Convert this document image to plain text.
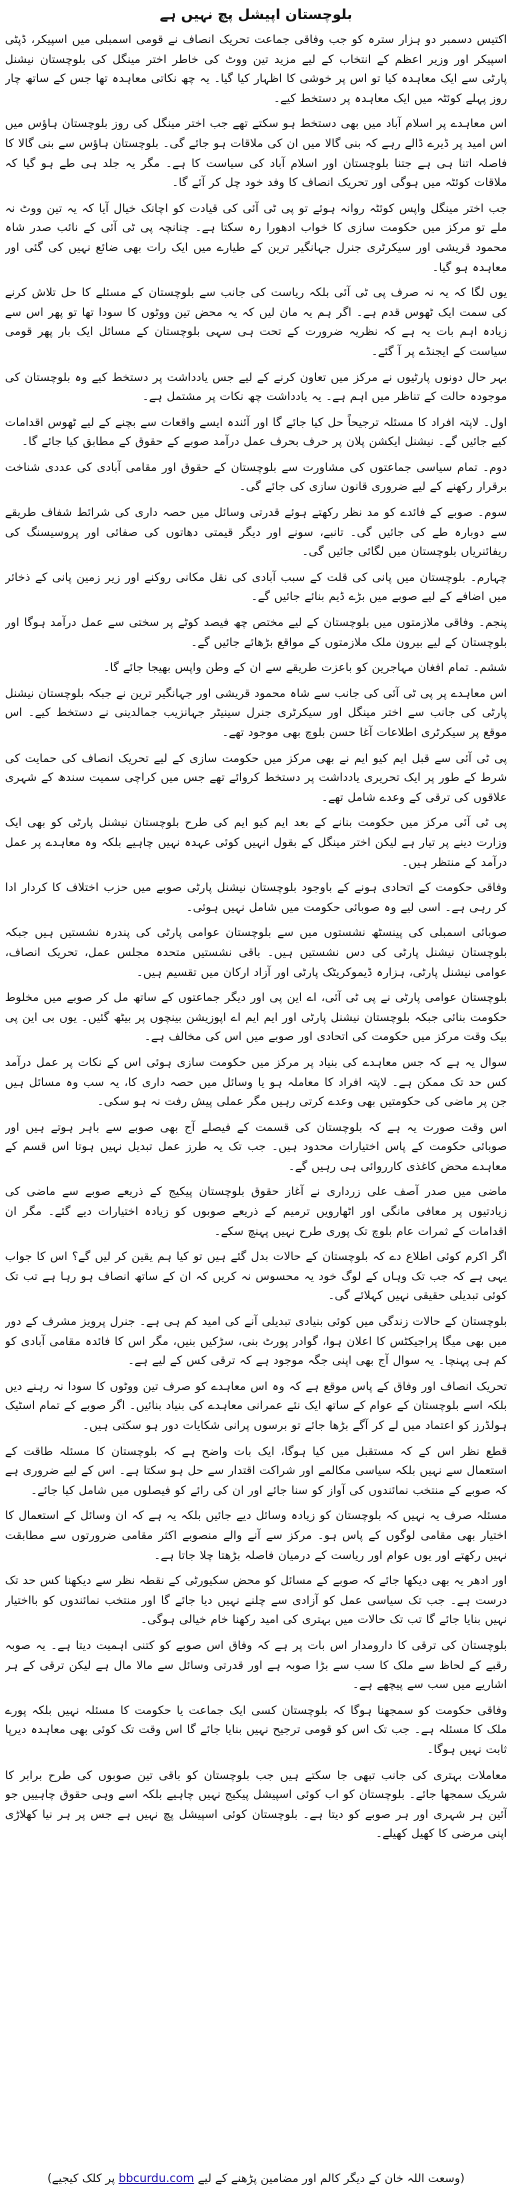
بلوچستان اپیشل پچ نہیں ہے
اکتیس دسمبر دو ہزار سترہ کو جب وفاقی جماعت تحریک انصاف نے قومی اسمبلی میں اسپیکر، ڈپٹی اسپیکر اور وزیر اعظم کے انتخاب کے لیے مزید تین ووٹ کی خاطر اختر مینگل کی بلوچستان نیشنل پارٹی سے ایک معاہدہ کیا تو اس پر خوشی کا اظہار کیا گیا۔ یہ چھ نکاتی معاہدہ تھا جس کے ساتھ چار روز پہلے کوئٹہ میں ایک معاہدہ پر دستخط کیے۔
اس معاہدے پر اسلام آباد میں بھی دستخط ہو سکتے تھے جب اختر مینگل کی روز بلوچستان ہاؤس میں اس امید پر ڈیرے ڈالے رہے کہ بنی گالا میں ان کی ملاقات ہو جائے گی۔ بلوچستان ہاؤس سے بنی گالا کا فاصلہ اتنا ہی ہے جتنا بلوچستان اور اسلام آباد کی سیاست کا ہے۔ مگر یہ جلد ہی طے ہو گیا کہ ملاقات کوئٹہ میں ہوگی اور تحریک انصاف کا وفد خود چل کر آئے گا۔
جب اختر مینگل واپس کوئٹہ روانہ ہوئے تو پی ٹی آئی کی قیادت کو اچانک خیال آیا کہ یہ تین ووٹ نہ ملے تو مرکز میں حکومت سازی کا خواب ادھورا رہ سکتا ہے۔ چنانچہ پی ٹی آئی کے نائب صدر شاہ محمود قریشی اور سیکرٹری جنرل جہانگیر ترین کے طیارے میں ایک رات بھی ضائع نہیں کی گئی اور معاہدہ ہو گیا۔
یوں لگا کہ یہ نہ صرف پی ٹی آئی بلکہ ریاست کی جانب سے بلوچستان کے مسئلے کا حل تلاش کرنے کی سمت ایک ٹھوس قدم ہے۔ اگر ہم یہ مان لیں کہ یہ محض تین ووٹوں کا سودا تھا تو پھر اس سے زیادہ اہم بات یہ ہے کہ نظریہ ضرورت کے تحت ہی سہی بلوچستان کے مسائل ایک بار پھر قومی سیاست کے ایجنڈے پر آ گئے۔
بہر حال دونوں پارٹیوں نے مرکز میں تعاون کرنے کے لیے جس یادداشت پر دستخط کیے وہ بلوچستان کی موجودہ حالت کے تناظر میں اہم ہے۔ یہ یادداشت چھ نکات پر مشتمل ہے۔
اول۔ لاپتہ افراد کا مسئلہ ترجیحاً حل کیا جائے گا اور آئندہ ایسے واقعات سے بچنے کے لیے ٹھوس اقدامات کیے جائیں گے۔ نیشنل ایکشن پلان پر حرف بحرف عمل درآمد صوبے کے حقوق کے مطابق کیا جائے گا۔
دوم۔ تمام سیاسی جماعتوں کی مشاورت سے بلوچستان کے حقوق اور مقامی آبادی کی عددی شناخت برقرار رکھنے کے لیے ضروری قانون سازی کی جائے گی۔
سوم۔ صوبے کے فائدے کو مد نظر رکھتے ہوئے قدرتی وسائل میں حصہ داری کی شرائط شفاف طریقے سے دوبارہ طے کی جائیں گی۔ تانبے، سونے اور دیگر قیمتی دھاتوں کی صفائی اور پروسیسنگ کی ریفائنریاں بلوچستان میں لگائی جائیں گی۔
چہارم۔ بلوچستان میں پانی کی قلت کے سبب آبادی کی نقل مکانی روکنے اور زیر زمین پانی کے ذخائر میں اضافے کے لیے صوبے میں بڑے ڈیم بنائے جائیں گے۔
پنجم۔ وفاقی ملازمتوں میں بلوچستان کے لیے مختص چھ فیصد کوٹے پر سختی سے عمل درآمد ہوگا اور بلوچستان کے لیے بیرون ملک ملازمتوں کے مواقع بڑھائے جائیں گے۔
ششم۔ تمام افغان مہاجرین کو باعزت طریقے سے ان کے وطن واپس بھیجا جائے گا۔
اس معاہدے پر پی ٹی آئی کی جانب سے شاہ محمود قریشی اور جہانگیر ترین نے جبکہ بلوچستان نیشنل پارٹی کی جانب سے اختر مینگل اور سیکرٹری جنرل سینیٹر جہانزیب جمالدینی نے دستخط کیے۔ اس موقع پر سیکرٹری اطلاعات آغا حسن بلوچ بھی موجود تھے۔
پی ٹی آئی سے قبل ایم کیو ایم نے بھی مرکز میں حکومت سازی کے لیے تحریک انصاف کی حمایت کی شرط کے طور پر ایک تحریری یادداشت پر دستخط کروائے تھے جس میں کراچی سمیت سندھ کے شہری علاقوں کی ترقی کے وعدے شامل تھے۔
پی ٹی آئی مرکز میں حکومت بنانے کے بعد ایم کیو ایم کی طرح بلوچستان نیشنل پارٹی کو بھی ایک وزارت دینے پر تیار ہے لیکن اختر مینگل کے بقول انہیں کوئی عہدہ نہیں چاہیے بلکہ وہ معاہدے پر عمل درآمد کے منتظر ہیں۔
وفاقی حکومت کے اتحادی ہونے کے باوجود بلوچستان نیشنل پارٹی صوبے میں حزب اختلاف کا کردار ادا کر رہی ہے۔ اسی لیے وہ صوبائی حکومت میں شامل نہیں ہوئی۔
صوبائی اسمبلی کی پینسٹھ نشستوں میں سے بلوچستان عوامی پارٹی کی پندرہ نشستیں ہیں جبکہ بلوچستان نیشنل پارٹی کی دس نشستیں ہیں۔ باقی نشستیں متحدہ مجلس عمل، تحریک انصاف، عوامی نیشنل پارٹی، ہزارہ ڈیموکریٹک پارٹی اور آزاد ارکان میں تقسیم ہیں۔
بلوچستان عوامی پارٹی نے پی ٹی آئی، اے این پی اور دیگر جماعتوں کے ساتھ مل کر صوبے میں مخلوط حکومت بنائی جبکہ بلوچستان نیشنل پارٹی اور ایم ایم اے اپوزیشن بینچوں پر بیٹھ گئیں۔ یوں بی این پی بیک وقت مرکز میں حکومت کی اتحادی اور صوبے میں اس کی مخالف ہے۔
سوال یہ ہے کہ جس معاہدے کی بنیاد پر مرکز میں حکومت سازی ہوئی اس کے نکات پر عمل درآمد کس حد تک ممکن ہے۔ لاپتہ افراد کا معاملہ ہو یا وسائل میں حصہ داری کا، یہ سب وہ مسائل ہیں جن پر ماضی کی حکومتیں بھی وعدے کرتی رہیں مگر عملی پیش رفت نہ ہو سکی۔
اس وقت صورت یہ ہے کہ بلوچستان کی قسمت کے فیصلے آج بھی صوبے سے باہر ہوتے ہیں اور صوبائی حکومت کے پاس اختیارات محدود ہیں۔ جب تک یہ طرز عمل تبدیل نہیں ہوتا اس قسم کے معاہدے محض کاغذی کارروائی ہی رہیں گے۔
ماضی میں صدر آصف علی زرداری نے آغاز حقوق بلوچستان پیکیج کے ذریعے صوبے سے ماضی کی زیادتیوں پر معافی مانگی اور اٹھارویں ترمیم کے ذریعے صوبوں کو زیادہ اختیارات دیے گئے۔ مگر ان اقدامات کے ثمرات عام بلوچ تک پوری طرح نہیں پہنچ سکے۔
اگر اکرم کوئی اطلاع دے کہ بلوچستان کے حالات بدل گئے ہیں تو کیا ہم یقین کر لیں گے؟ اس کا جواب یہی ہے کہ جب تک وہاں کے لوگ خود یہ محسوس نہ کریں کہ ان کے ساتھ انصاف ہو رہا ہے تب تک کوئی تبدیلی حقیقی نہیں کہلائے گی۔
بلوچستان کے حالات زندگی میں کوئی بنیادی تبدیلی آنے کی امید کم ہی ہے۔ جنرل پرویز مشرف کے دور میں بھی میگا پراجیکٹس کا اعلان ہوا، گوادر پورٹ بنی، سڑکیں بنیں، مگر اس کا فائدہ مقامی آبادی کو کم ہی پہنچا۔ یہ سوال آج بھی اپنی جگہ موجود ہے کہ ترقی کس کے لیے ہے۔
تحریک انصاف اور وفاق کے پاس موقع ہے کہ وہ اس معاہدے کو صرف تین ووٹوں کا سودا نہ رہنے دیں بلکہ اسے بلوچستان کے عوام کے ساتھ ایک نئے عمرانی معاہدے کی بنیاد بنائیں۔ اگر صوبے کے تمام اسٹیک ہولڈرز کو اعتماد میں لے کر آگے بڑھا جائے تو برسوں پرانی شکایات دور ہو سکتی ہیں۔
قطع نظر اس کے کہ مستقبل میں کیا ہوگا، ایک بات واضح ہے کہ بلوچستان کا مسئلہ طاقت کے استعمال سے نہیں بلکہ سیاسی مکالمے اور شراکت اقتدار سے حل ہو سکتا ہے۔ اس کے لیے ضروری ہے کہ صوبے کے منتخب نمائندوں کی آواز کو سنا جائے اور ان کی رائے کو فیصلوں میں شامل کیا جائے۔
مسئلہ صرف یہ نہیں کہ بلوچستان کو زیادہ وسائل دیے جائیں بلکہ یہ ہے کہ ان وسائل کے استعمال کا اختیار بھی مقامی لوگوں کے پاس ہو۔ مرکز سے آنے والے منصوبے اکثر مقامی ضرورتوں سے مطابقت نہیں رکھتے اور یوں عوام اور ریاست کے درمیان فاصلہ بڑھتا چلا جاتا ہے۔
اور ادھر یہ بھی دیکھا جائے کہ صوبے کے مسائل کو محض سکیورٹی کے نقطہ نظر سے دیکھنا کس حد تک درست ہے۔ جب تک سیاسی عمل کو آزادی سے چلنے نہیں دیا جائے گا اور منتخب نمائندوں کو بااختیار نہیں بنایا جائے گا تب تک حالات میں بہتری کی امید رکھنا خام خیالی ہوگی۔
بلوچستان کی ترقی کا دارومدار اس بات پر ہے کہ وفاق اس صوبے کو کتنی اہمیت دیتا ہے۔ یہ صوبہ رقبے کے لحاظ سے ملک کا سب سے بڑا صوبہ ہے اور قدرتی وسائل سے مالا مال ہے لیکن ترقی کے ہر اشاریے میں سب سے پیچھے ہے۔
وفاقی حکومت کو سمجھنا ہوگا کہ بلوچستان کسی ایک جماعت یا حکومت کا مسئلہ نہیں بلکہ پورے ملک کا مسئلہ ہے۔ جب تک اس کو قومی ترجیح نہیں بنایا جائے گا اس وقت تک کوئی بھی معاہدہ دیرپا ثابت نہیں ہوگا۔
معاملات بہتری کی جانب تبھی جا سکتے ہیں جب بلوچستان کو باقی تین صوبوں کی طرح برابر کا شریک سمجھا جائے۔ بلوچستان کو اب کوئی اسپیشل پیکیج نہیں چاہیے بلکہ اسے وہی حقوق چاہییں جو آئین ہر شہری اور ہر صوبے کو دیتا ہے۔ بلوچستان کوئی اسپیشل پچ نہیں ہے جس پر ہر نیا کھلاڑی اپنی مرضی کا کھیل کھیلے۔
(وسعت اللہ خان کے دیگر کالم اور مضامین پڑھنے کے لیے bbcurdu.com پر کلک کیجیے)
